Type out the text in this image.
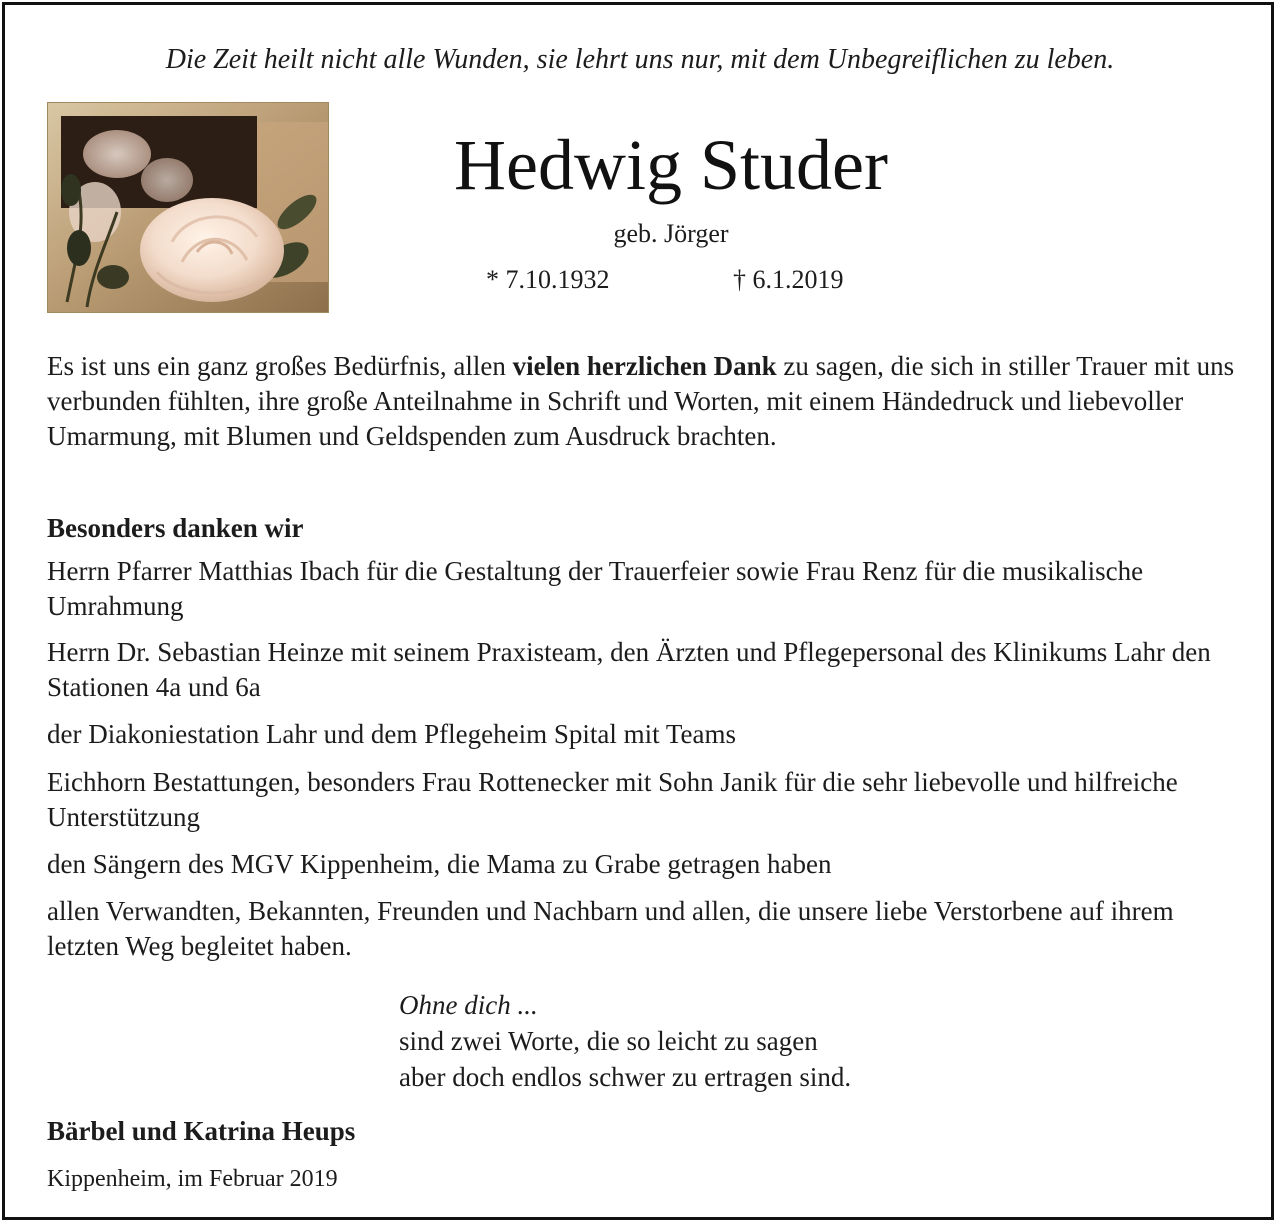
Die Zeit heilt nicht alle Wunden, sie lehrt uns nur, mit dem Unbegreiflichen zu leben.
Hedwig Studer
geb. Jörger
* 7.10.1932	† 6.1.2019
Es ist uns ein ganz großes Bedürfnis, allen vielen herzlichen Dank zu sagen, die sich in stiller Trauer mit uns verbunden fühlten, ihre große Anteilnahme in Schrift und Worten, mit einem Händedruck und liebevoller Umarmung, mit Blumen und Geldspenden zum Ausdruck brachten.
Besonders danken wir
Herrn Pfarrer Matthias Ibach für die Gestaltung der Trauerfeier sowie Frau Renz für die musikalische Umrahmung
Herrn Dr. Sebastian Heinze mit seinem Praxisteam, den Ärzten und Pflegepersonal des Klinikums Lahr den Stationen 4a und 6a
der Diakoniestation Lahr und dem Pflegeheim Spital mit Teams
Eichhorn Bestattungen, besonders Frau Rottenecker mit Sohn Janik für die sehr liebevolle und hilfreiche Unterstützung
den Sängern des MGV Kippenheim, die Mama zu Grabe getragen haben
allen Verwandten, Bekannten, Freunden und Nachbarn und allen, die unsere liebe Verstorbene auf ihrem letzten Weg begleitet haben.
Ohne dich ...
sind zwei Worte, die so leicht zu sagen
aber doch endlos schwer zu ertragen sind.
Bärbel und Katrina Heups
Kippenheim, im Februar 2019
